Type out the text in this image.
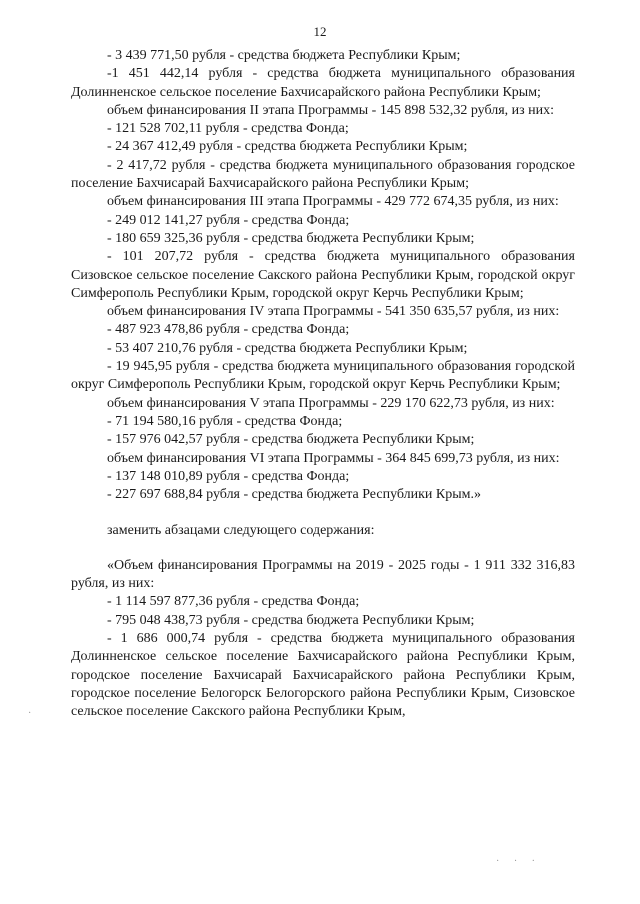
12

- 3 439 771,50 рубля - средства бюджета Республики Крым;

-1 451 442,14 рубля - средства бюджета муниципального образования Долинненское сельское поселение Бахчисарайского района Республики Крым;

объем финансирования II этапа Программы - 145 898 532,32 рубля, из них:

- 121 528 702,11 рубля - средства Фонда;

- 24 367 412,49 рубля - средства бюджета Республики Крым;

- 2 417,72 рубля - средства бюджета муниципального образования городское поселение Бахчисарай Бахчисарайского района Республики Крым;

объем финансирования III этапа Программы - 429 772 674,35 рубля, из них:

- 249 012 141,27 рубля - средства Фонда;

- 180 659 325,36 рубля - средства бюджета Республики Крым;

- 101 207,72 рубля - средства бюджета муниципального образования Сизовское сельское поселение Сакского района Республики Крым, городской округ Симферополь Республики Крым, городской округ Керчь Республики Крым;

объем финансирования IV этапа Программы - 541 350 635,57 рубля, из них:

- 487 923 478,86 рубля - средства Фонда;

- 53 407 210,76 рубля - средства бюджета Республики Крым;

- 19 945,95 рубля - средства бюджета муниципального образования городской округ Симферополь Республики Крым, городской округ Керчь Республики Крым;

объем финансирования V этапа Программы - 229 170 622,73 рубля, из них:

- 71 194 580,16 рубля - средства Фонда;

- 157 976 042,57 рубля - средства бюджета Республики Крым;

объем финансирования VI этапа Программы - 364 845 699,73 рубля, из них:

- 137 148 010,89 рубля - средства Фонда;

- 227 697 688,84 рубля - средства бюджета Республики Крым.»

заменить абзацами следующего содержания:

«Объем финансирования Программы на 2019 - 2025 годы - 1 911 332 316,83 рубля, из них:

- 1 114 597 877,36 рубля - средства Фонда;

- 795 048 438,73 рубля - средства бюджета Республики Крым;

- 1 686 000,74 рубля - средства бюджета муниципального образования Долинненское сельское поселение Бахчисарайского района Республики Крым, городское поселение Бахчисарай Бахчисарайского района Республики Крым, городское поселение Белогорск Белогорского района Республики Крым, Сизовское сельское поселение Сакского района Республики Крым,

·
· · ·
